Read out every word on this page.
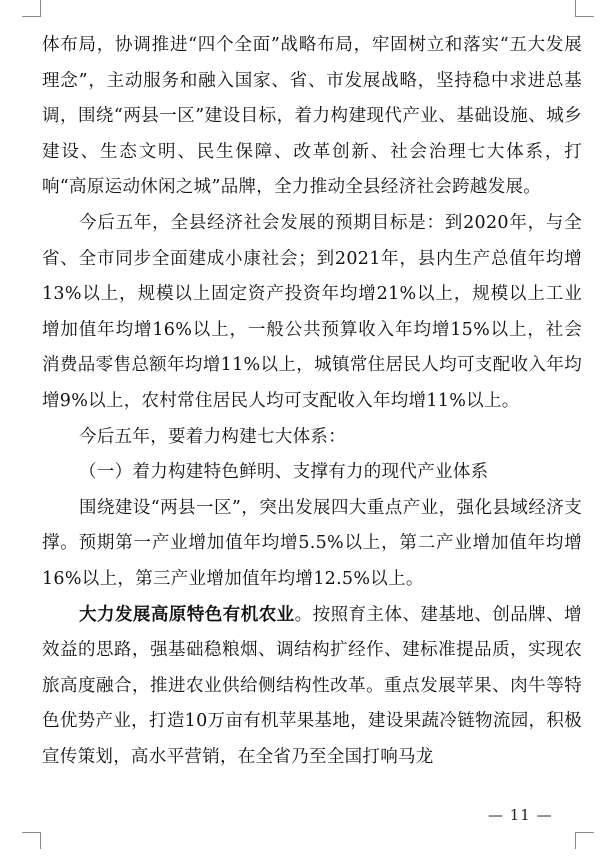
体布局，协调推进“四个全面”战略布局，牢固树立和落实“五大发展理念”，主动服务和融入国家、省、市发展战略，坚持稳中求进总基调，围绕“两县一区”建设目标，着力构建现代产业、基础设施、城乡建设、生态文明、民生保障、改革创新、社会治理七大体系，打响“高原运动休闲之城”品牌，全力推动全县经济社会跨越发展。

今后五年，全县经济社会发展的预期目标是：到2020年，与全省、全市同步全面建成小康社会；到2021年，县内生产总值年均增13%以上，规模以上固定资产投资年均增21%以上，规模以上工业增加值年均增16%以上，一般公共预算收入年均增15%以上，社会消费品零售总额年均增11%以上，城镇常住居民人均可支配收入年均增9%以上，农村常住居民人均可支配收入年均增11%以上。

今后五年，要着力构建七大体系：

（一）着力构建特色鲜明、支撑有力的现代产业体系

围绕建设“两县一区”，突出发展四大重点产业，强化县域经济支撑。预期第一产业增加值年均增5.5%以上，第二产业增加值年均增16%以上，第三产业增加值年均增12.5%以上。

大力发展高原特色有机农业。按照育主体、建基地、创品牌、增效益的思路，强基础稳粮烟、调结构扩经作、建标准提品质，实现农旅高度融合，推进农业供给侧结构性改革。重点发展苹果、肉牛等特色优势产业，打造10万亩有机苹果基地，建设果蔬冷链物流园，积极宣传策划，高水平营销，在全省乃至全国打响马龙

— 11 —
